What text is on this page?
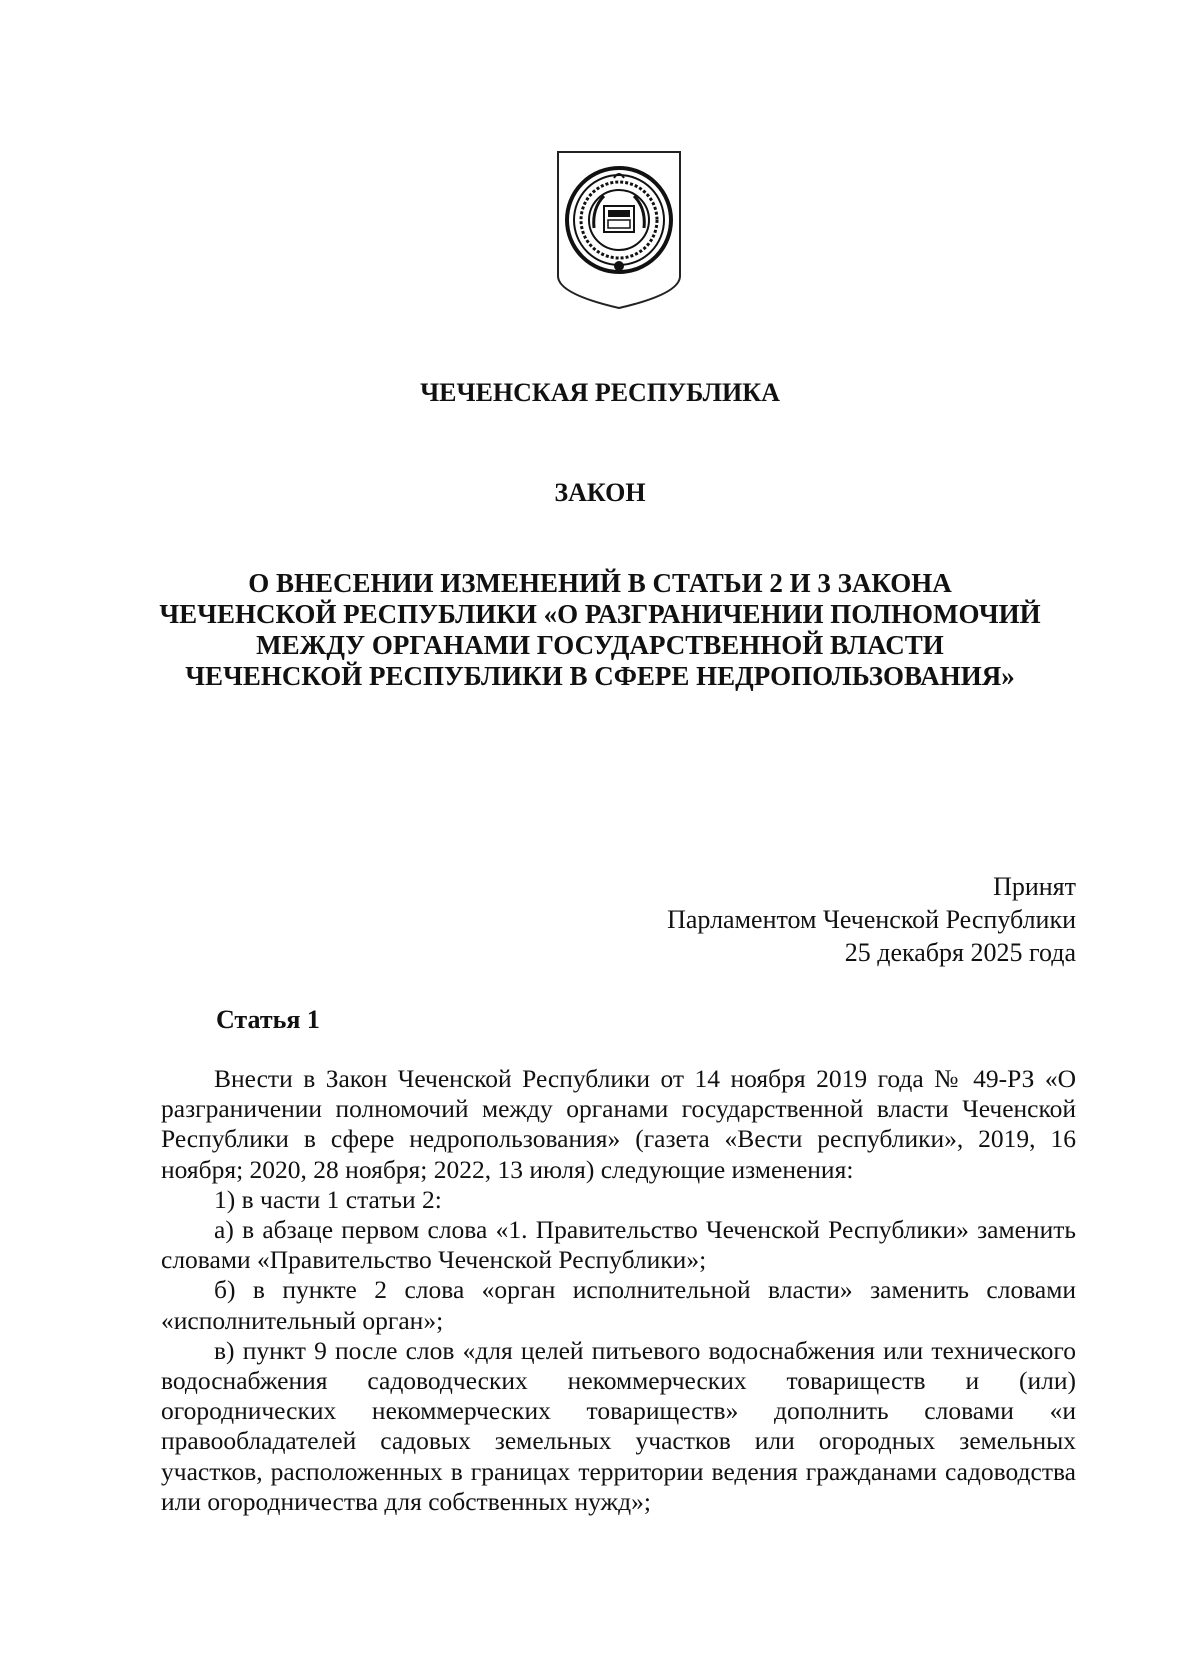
ЧЕЧЕНСКАЯ РЕСПУБЛИКА
ЗАКОН
О ВНЕСЕНИИ ИЗМЕНЕНИЙ В СТАТЬИ 2 И 3 ЗАКОНА
ЧЕЧЕНСКОЙ РЕСПУБЛИКИ «О РАЗГРАНИЧЕНИИ ПОЛНОМОЧИЙ
МЕЖДУ ОРГАНАМИ ГОСУДАРСТВЕННОЙ ВЛАСТИ
ЧЕЧЕНСКОЙ РЕСПУБЛИКИ В СФЕРЕ НЕДРОПОЛЬЗОВАНИЯ»
Принят
Парламентом Чеченской Республики
25 декабря 2025 года
Статья 1

Внести в Закон Чеченской Республики от 14 ноября 2019 года № 49-РЗ «О разграничении полномочий между органами государственной власти Чеченской Республики в сфере недропользования» (газета «Вести республики», 2019, 16 ноября; 2020, 28 ноября; 2022, 13 июля) следующие изменения:

1) в части 1 статьи 2:

а) в абзаце первом слова «1. Правительство Чеченской Республики» заменить словами «Правительство Чеченской Республики»;

б) в пункте 2 слова «орган исполнительной власти» заменить словами «исполнительный орган»;

в) пункт 9 после слов «для целей питьевого водоснабжения или технического водоснабжения садоводческих некоммерческих товариществ и (или) огороднических некоммерческих товариществ» дополнить словами «и правообладателей садовых земельных участков или огородных земельных участков, расположенных в границах территории ведения гражданами садоводства или огородничества для собственных нужд»;
